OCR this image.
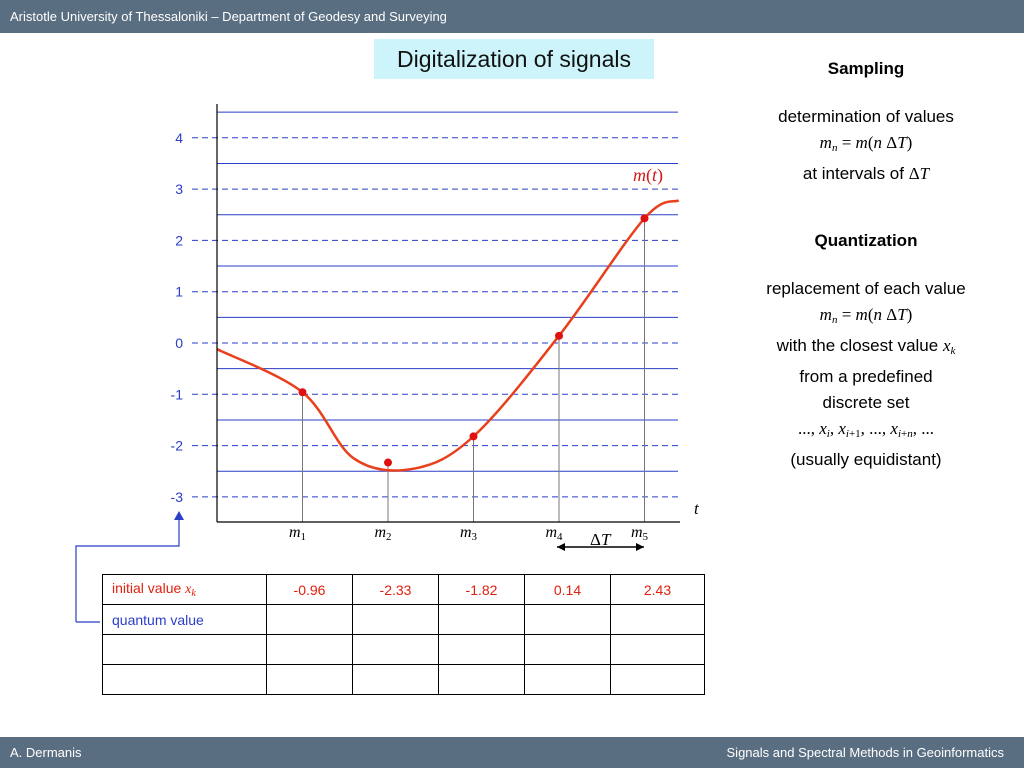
Aristotle University of Thessaloniki – Department of Geodesy and Surveying
Digitalization of signals	Sampling
determination of values
$m_n = m(n$ ΔT)
at intervals of ΔT
Quantization
replacement of each value
$m_n = m(n$ ΔT)
with the closest value $x_k$
from a predefined
discrete set
..., $x_i$, $x_{i+1}$, ..., $x_{i+n}$, ...
(usually equidistant)
4
3
2
1
0
-1
-2
-3
t
m(t)
m1	m2	m3	m4	m5
ΔT
initial value $x_k$	-0.96	-2.33	-1.82	0.14	2.43
quantum value					

A. Dermanis	Signals and Spectral Methods in Geoinformatics
